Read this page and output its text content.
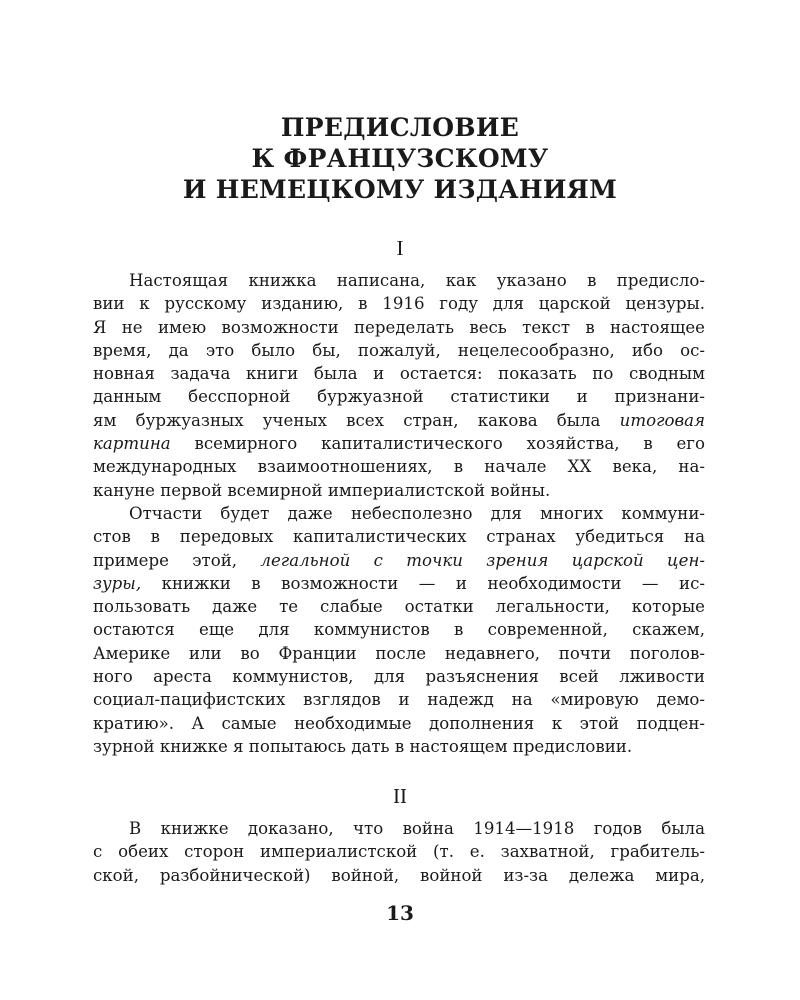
ПРЕДИСЛОВИЕ
К ФРАНЦУЗСКОМУ
И НЕМЕЦКОМУ ИЗДАНИЯМ
I
Настоящая книжка написана, как указано в предисло-
вии к русскому изданию, в 1916 году для царской цензуры.
Я не имею возможности переделать весь текст в настоящее
время, да это было бы, пожалуй, нецелесообразно, ибо ос-
новная задача книги была и остается: показать по сводным
данным бесспорной буржуазной статистики и признани-
ям буржуазных ученых всех стран, какова была итоговая
картина всемирного капиталистического хозяйства, в его
международных взаимоотношениях, в начале XX века, на-
кануне первой всемирной империалистской войны.
Отчасти будет даже небесполезно для многих коммуни-
стов в передовых капиталистических странах убедиться на
примере этой, легальной с точки зрения царской цен-
зуры, книжки в возможности — и необходимости — ис-
пользовать даже те слабые остатки легальности, которые
остаются еще для коммунистов в современной, скажем,
Америке или во Франции после недавнего, почти поголов-
ного ареста коммунистов, для разъяснения всей лживости
социал-пацифистских взглядов и надежд на «мировую демо-
кратию». А самые необходимые дополнения к этой подцен-
зурной книжке я попытаюсь дать в настоящем предисловии.
II
В книжке доказано, что война 1914—1918 годов была
с обеих сторон империалистской (т. е. захватной, грабитель-
ской, разбойнической) войной, войной из-за дележа мира,
13
